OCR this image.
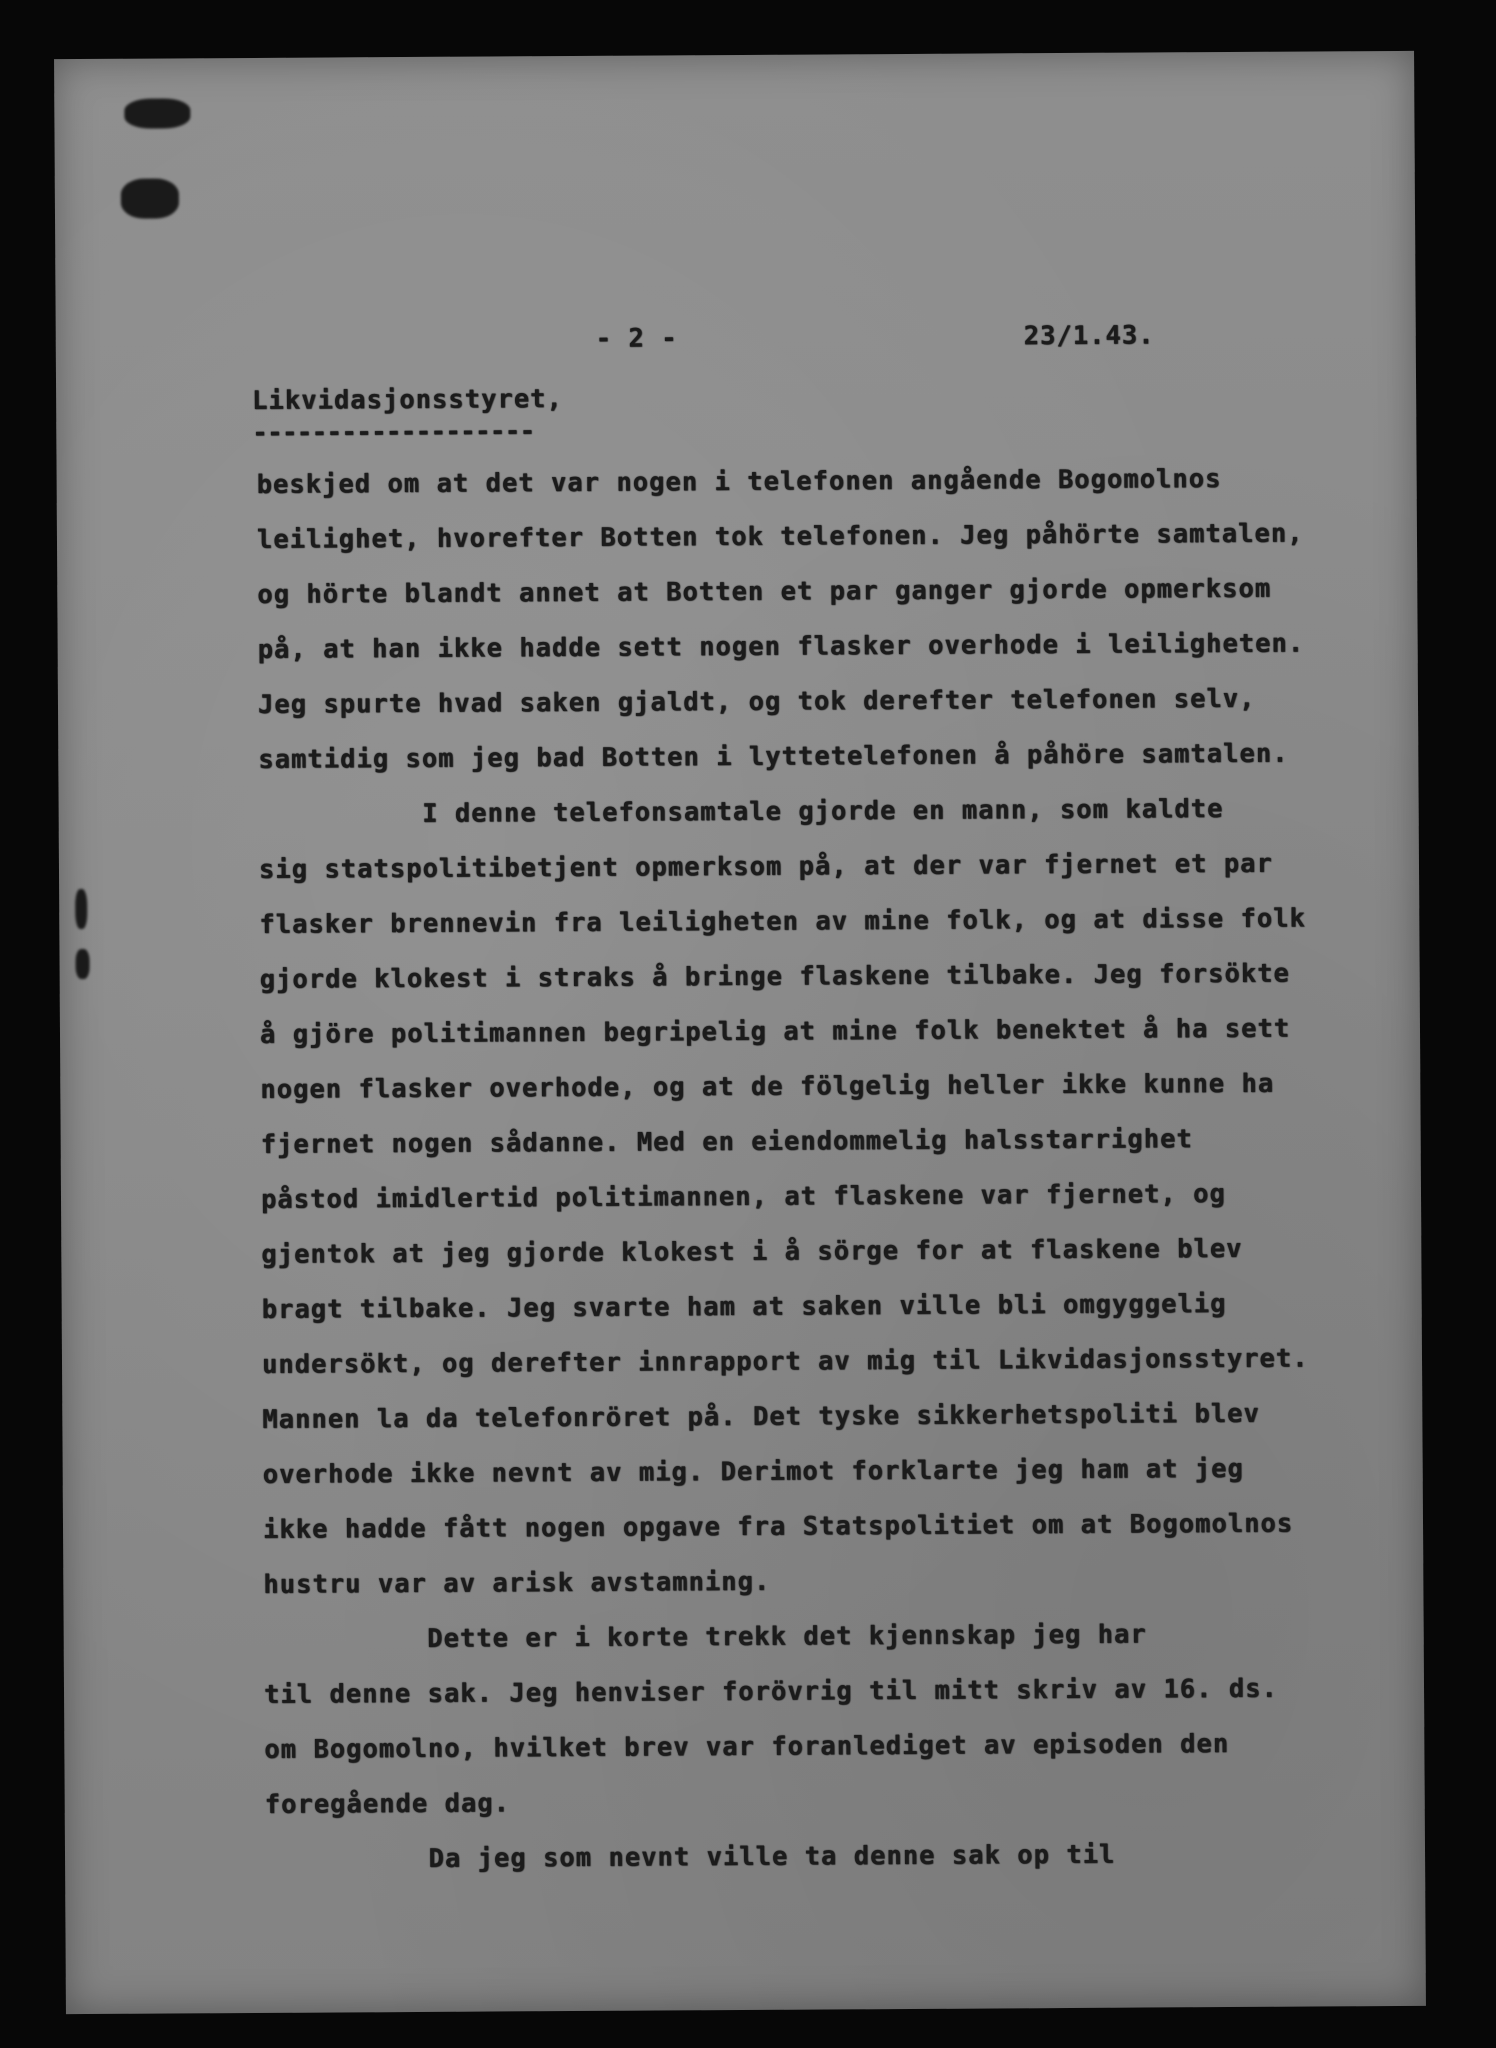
- 2 -	23/1.43.
Likvidasjonsstyret,
-------------------
beskjed om at det var nogen i telefonen angående Bogomolnos
leilighet, hvorefter Botten tok telefonen. Jeg påhörte samtalen,
og hörte blandt annet at Botten et par ganger gjorde opmerksom
på, at han ikke hadde sett nogen flasker overhode i leiligheten.
Jeg spurte hvad saken gjaldt, og tok derefter telefonen selv,
samtidig som jeg bad Botten i lyttetelefonen å påhöre samtalen.
I denne telefonsamtale gjorde en mann, som kaldte
sig statspolitibetjent opmerksom på, at der var fjernet et par
flasker brennevin fra leiligheten av mine folk, og at disse folk
gjorde klokest i straks å bringe flaskene tilbake. Jeg forsökte
å gjöre politimannen begripelig at mine folk benektet å ha sett
nogen flasker overhode, og at de fölgelig heller ikke kunne ha
fjernet nogen sådanne. Med en eiendommelig halsstarrighet
påstod imidlertid politimannen, at flaskene var fjernet, og
gjentok at jeg gjorde klokest i å sörge for at flaskene blev
bragt tilbake. Jeg svarte ham at saken ville bli omgyggelig
undersökt, og derefter innrapport av mig til Likvidasjonsstyret.
Mannen la da telefonröret på. Det tyske sikkerhetspoliti blev
overhode ikke nevnt av mig. Derimot forklarte jeg ham at jeg
ikke hadde fått nogen opgave fra Statspolitiet om at Bogomolnos
hustru var av arisk avstamning.
Dette er i korte trekk det kjennskap jeg har
til denne sak. Jeg henviser forövrig til mitt skriv av 16. ds.
om Bogomolno, hvilket brev var foranlediget av episoden den
foregående dag.
Da jeg som nevnt ville ta denne sak op til
